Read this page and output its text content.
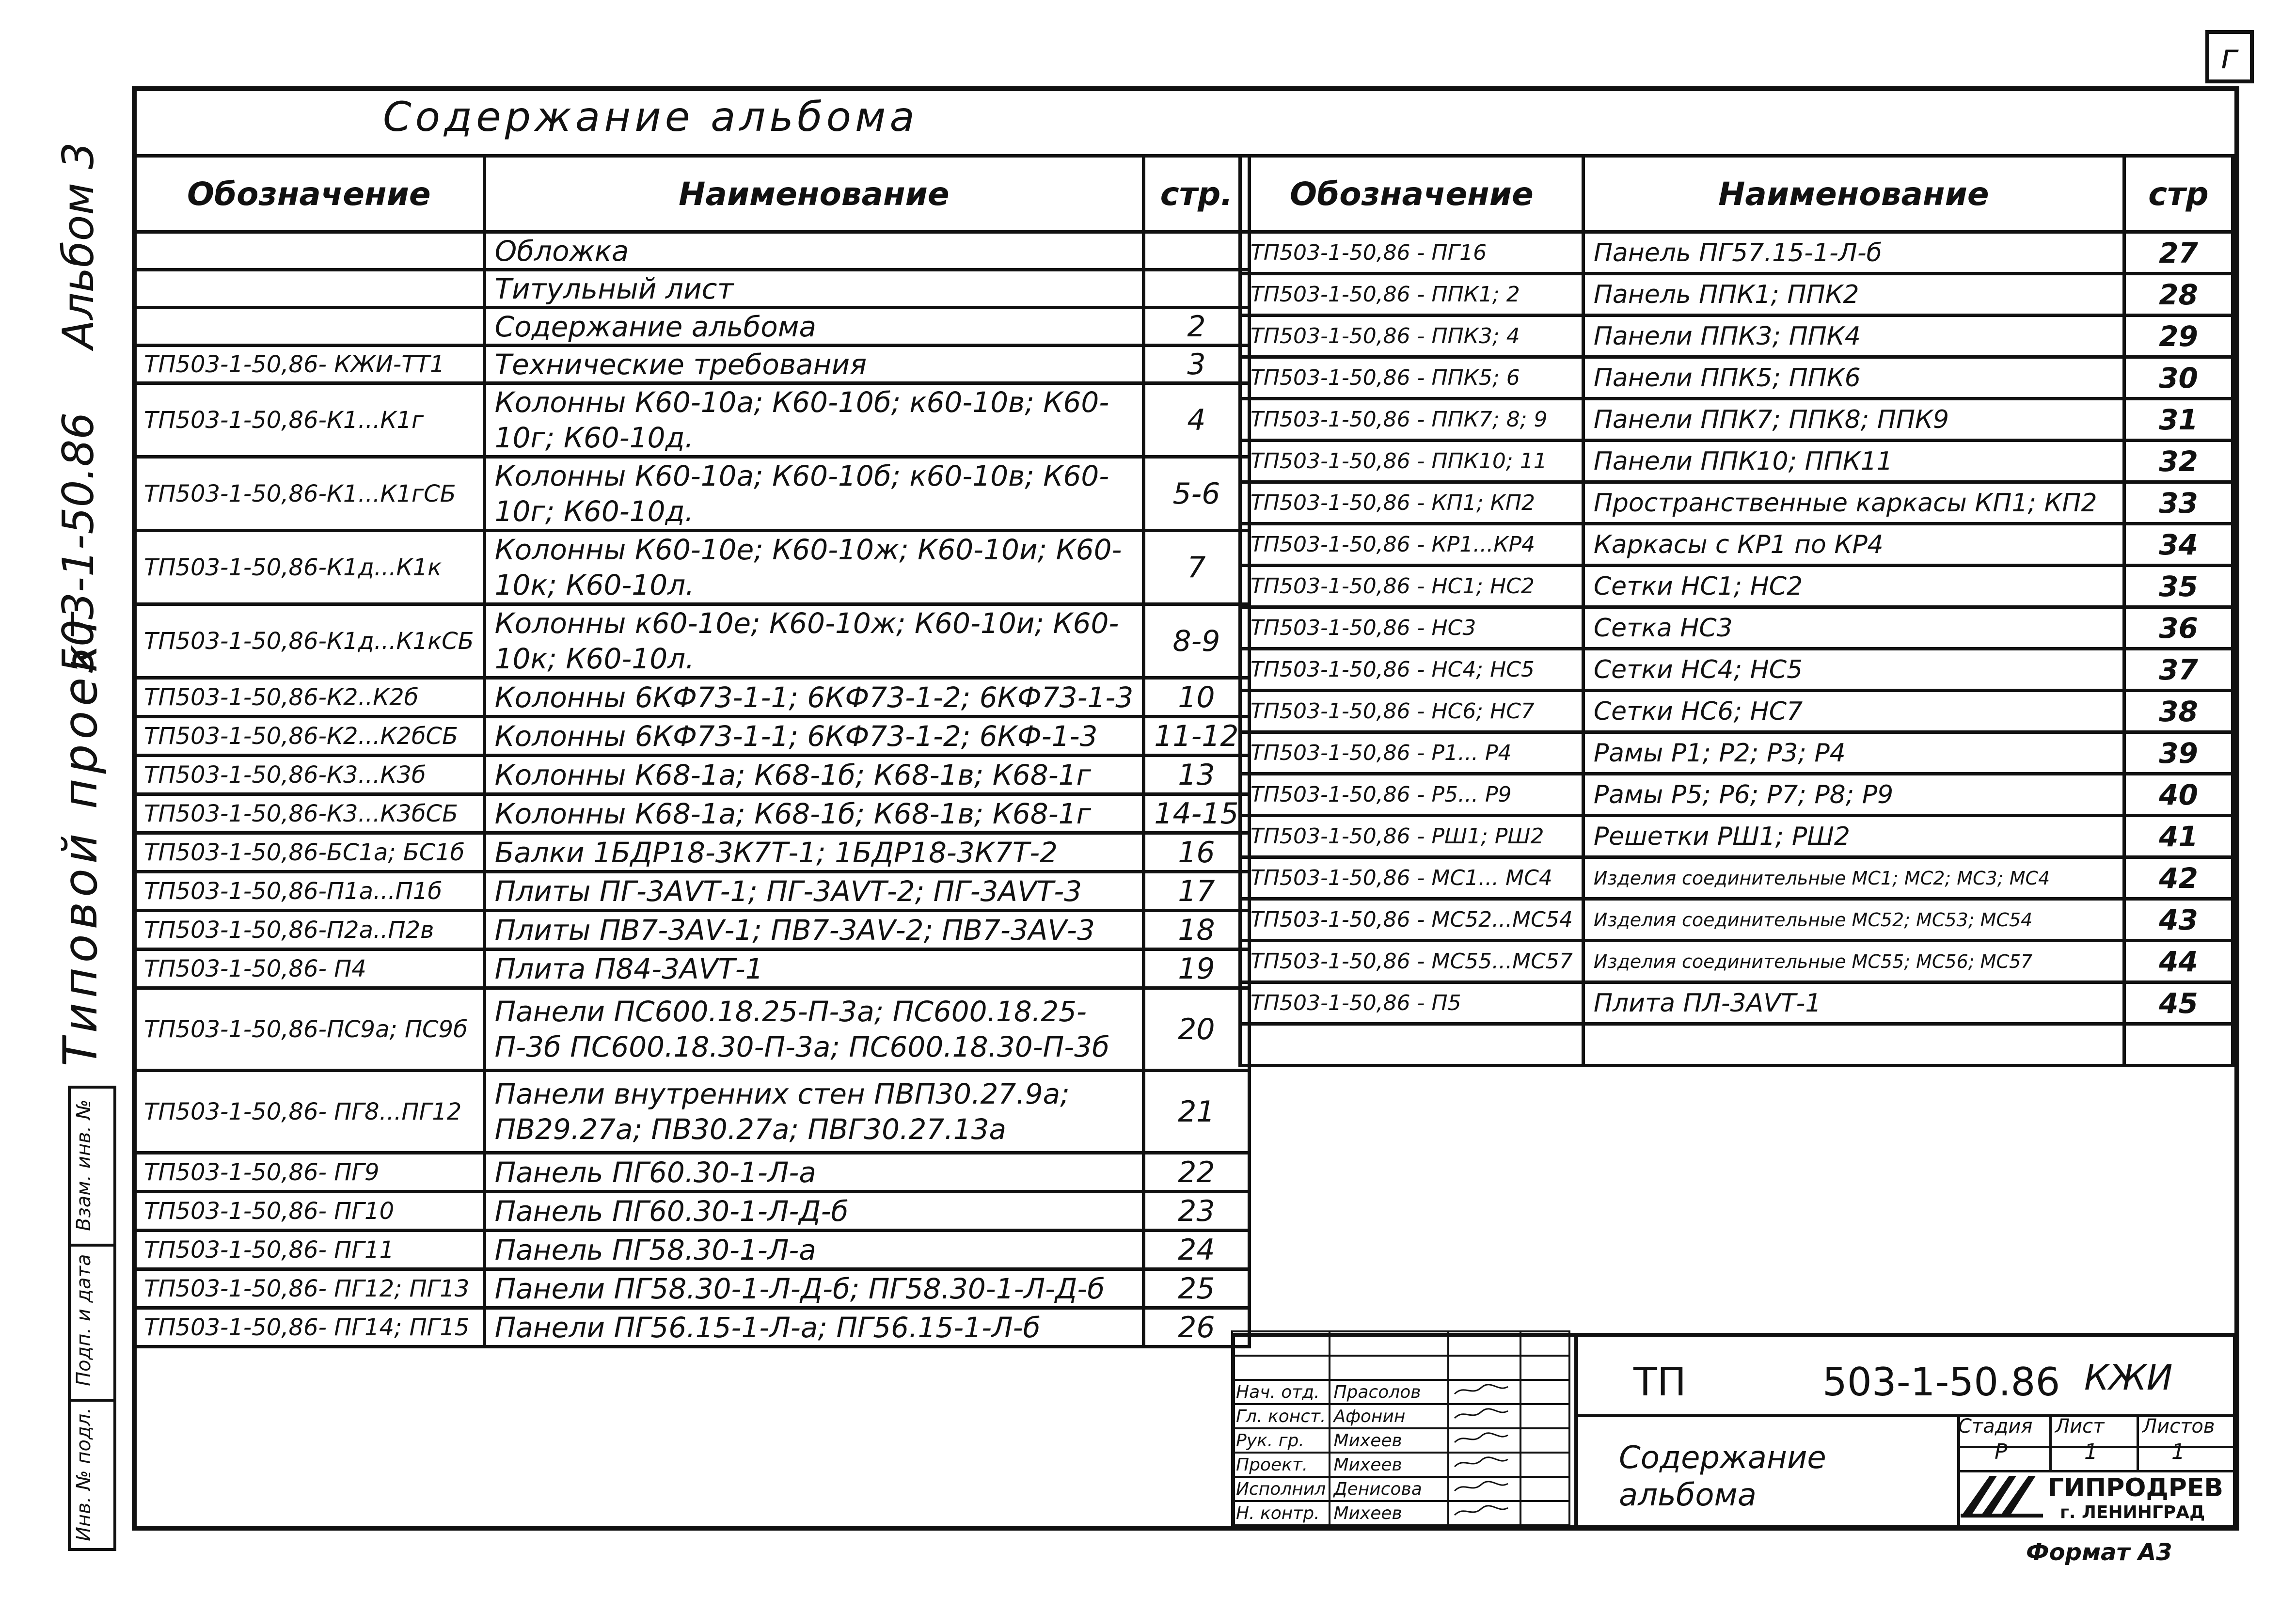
г
Альбом 3
503-1-50.86
Типовой проект
Взам. инв. №
Подп. и дата
Инв. № подл.
Содержание альбома
Обозначение	Наименование	стр.
	Обложка	
	Титульный лист	
	Содержание альбома	2
ТП503-1-50,86- КЖИ-ТТ1	Технические требования	3
ТП503-1-50,86-К1...К1г	Колонны К60-10а; К60-10б; к60-10в; К60-10г; К60-10д.	4
ТП503-1-50,86-К1...К1гСБ	Колонны К60-10а; К60-10б; к60-10в; К60-10г; К60-10д.	5-6
ТП503-1-50,86-К1д...К1к	Колонны К60-10е; К60-10ж; К60-10и; К60-10к; К60-10л.	7
ТП503-1-50,86-К1д...К1кСБ	Колонны к60-10е; К60-10ж; К60-10и; К60-10к; К60-10л.	8-9
ТП503-1-50,86-К2..К2б	Колонны 6КФ73-1-1; 6КФ73-1-2; 6КФ73-1-3	10
ТП503-1-50,86-К2...К2бСБ	Колонны 6КФ73-1-1; 6КФ73-1-2; 6КФ-1-3	11-12
ТП503-1-50,86-К3...К3б	Колонны К68-1а; К68-1б; К68-1в; К68-1г	13
ТП503-1-50,86-К3...К3бСБ	Колонны К68-1а; К68-1б; К68-1в; К68-1г	14-15
ТП503-1-50,86-БС1а; БС1б	Балки 1БДР18-3К7Т-1; 1БДР18-3К7Т-2	16
ТП503-1-50,86-П1а...П1б	Плиты ПГ-3АⅤТ-1; ПГ-3АⅤТ-2; ПГ-3АⅤТ-3	17
ТП503-1-50,86-П2а..П2в	Плиты ПВ7-3АⅤ-1; ПВ7-3АⅤ-2; ПВ7-3АⅤ-3	18
ТП503-1-50,86- П4	Плита П84-3АⅤТ-1	19
ТП503-1-50,86-ПС9а; ПС9б	Панели ПС600.18.25-П-3а; ПС600.18.25-П-3б ПС600.18.30-П-3а; ПС600.18.30-П-3б	20
ТП503-1-50,86- ПГ8...ПГ12	Панели внутренних стен ПВП30.27.9а; ПВ29.27а; ПВ30.27а; ПВГ30.27.13а	21
ТП503-1-50,86- ПГ9	Панель ПГ60.30-1-Л-а	22
ТП503-1-50,86- ПГ10	Панель ПГ60.30-1-Л-Д-б	23
ТП503-1-50,86- ПГ11	Панель ПГ58.30-1-Л-а	24
ТП503-1-50,86- ПГ12; ПГ13	Панели ПГ58.30-1-Л-Д-б; ПГ58.30-1-Л-Д-б	25
ТП503-1-50,86- ПГ14; ПГ15	Панели ПГ56.15-1-Л-а; ПГ56.15-1-Л-б	26
Обозначение	Наименование	стр
ТП503-1-50,86 - ПГ16	Панель ПГ57.15-1-Л-б	27
ТП503-1-50,86 - ППК1; 2	Панель ППК1; ППК2	28
ТП503-1-50,86 - ППК3; 4	Панели ППК3; ППК4	29
ТП503-1-50,86 - ППК5; 6	Панели ППК5; ППК6	30
ТП503-1-50,86 - ППК7; 8; 9	Панели ППК7; ППК8; ППК9	31
ТП503-1-50,86 - ППК10; 11	Панели ППК10; ППК11	32
ТП503-1-50,86 - КП1; КП2	Пространственные каркасы КП1; КП2	33
ТП503-1-50,86 - КР1...КР4	Каркасы с КР1 по КР4	34
ТП503-1-50,86 - НС1; НС2	Сетки НС1; НС2	35
ТП503-1-50,86 - НС3	Сетка НС3	36
ТП503-1-50,86 - НС4; НС5	Сетки НС4; НС5	37
ТП503-1-50,86 - НС6; НС7	Сетки НС6; НС7	38
ТП503-1-50,86 - Р1... Р4	Рамы Р1; Р2; Р3; Р4	39
ТП503-1-50,86 - Р5... Р9	Рамы Р5; Р6; Р7; Р8; Р9	40
ТП503-1-50,86 - РШ1; РШ2	Решетки РШ1; РШ2	41
ТП503-1-50,86 - МС1... МС4	Изделия соединительные МС1; МС2; МС3; МС4	42
ТП503-1-50,86 - МС52...МС54	Изделия соединительные МС52; МС53; МС54	43
ТП503-1-50,86 - МС55...МС57	Изделия соединительные МС55; МС56; МС57	44
ТП503-1-50,86 - П5	Плита ПЛ-3АⅤТ-1	45

ТП	503-1-50.86 КЖИ
Содержание альбома
Стадия Лист Листов
Р	1	1
ГИПРОДРЕВ
г. ЛЕНИНГРАД
Формат А3

Нач. отд.	Прасолов		
Гл. конст.	Афонин		
Рук. гр.	Михеев		
Проект.	Михеев		
Исполнил	Денисова		
Н. контр.	Михеев		
